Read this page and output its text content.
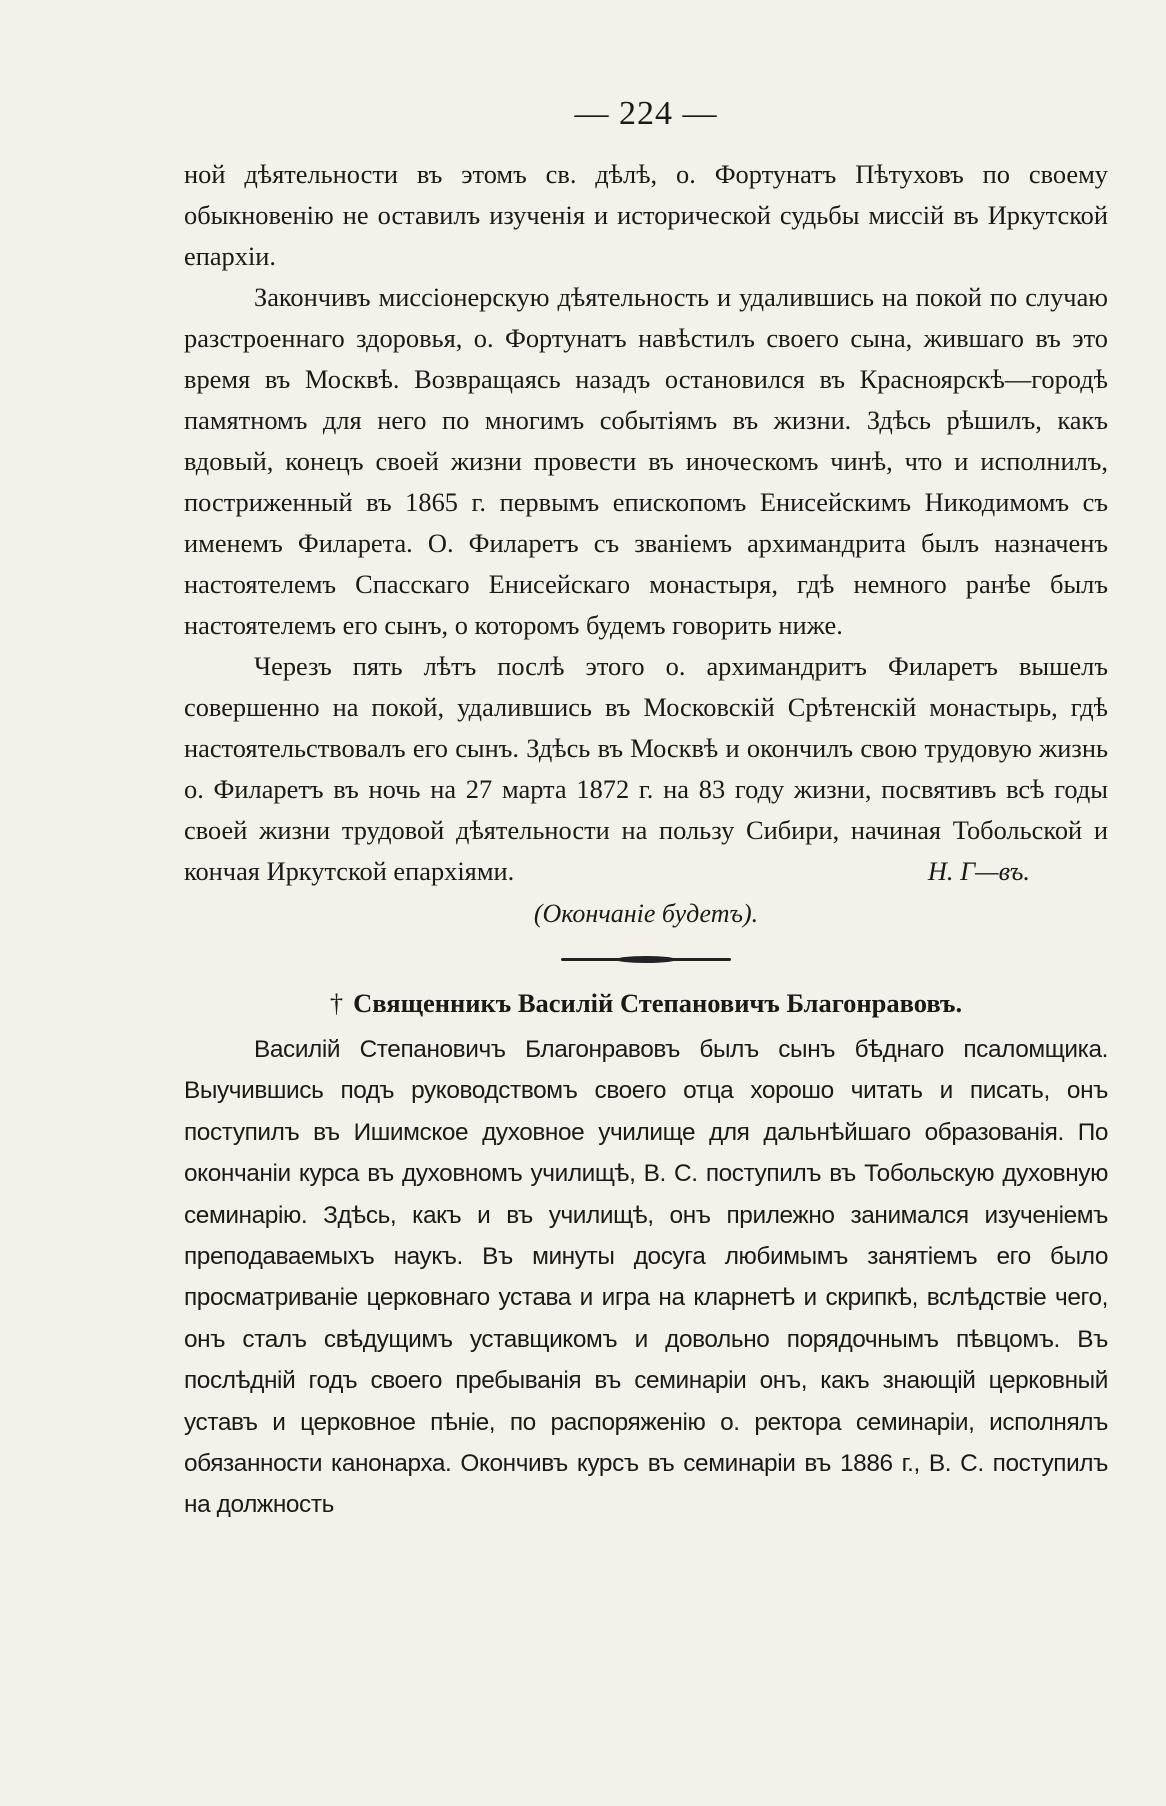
— 224 —

ной дѣятельности въ этомъ св. дѣлѣ, о. Фортунатъ Пѣтуховъ по своему обыкновенію не оставилъ изученія и исторической судьбы миссій въ Иркутской епархіи.

Закончивъ миссіонерскую дѣятельность и удалившись на покой по случаю разстроеннаго здоровья, о. Фортунатъ навѣстилъ своего сына, жившаго въ это время въ Москвѣ. Возвращаясь назадъ остановился въ Красноярскѣ—городѣ памятномъ для него по многимъ событіямъ въ жизни. Здѣсь рѣшилъ, какъ вдовый, конецъ своей жизни провести въ иноческомъ чинѣ, что и исполнилъ, постриженный въ 1865 г. первымъ епископомъ Енисейскимъ Никодимомъ съ именемъ Филарета. О. Филаретъ съ званіемъ архимандрита былъ назначенъ настоятелемъ Спасскаго Енисейскаго монастыря, гдѣ немного ранѣе былъ настоятелемъ его сынъ, о которомъ будемъ говорить ниже.

Черезъ пять лѣтъ послѣ этого о. архимандритъ Филаретъ вышелъ совершенно на покой, удалившись въ Московскій Срѣтенскій монастырь, гдѣ настоятельствовалъ его сынъ. Здѣсь въ Москвѣ и окончилъ свою трудовую жизнь о. Филаретъ въ ночь на 27 марта 1872 г. на 83 году жизни, посвятивъ всѣ годы своей жизни трудовой дѣятельности на пользу Сибири, начиная Тобольской и кончая Иркутской епархіями.	Н. Г—въ.

(Окончаніе будетъ).
† Священникъ Василій Степановичъ Благонравовъ.

Василій Степановичъ Благонравовъ былъ сынъ бѣднаго псаломщика. Выучившись подъ руководствомъ своего отца хорошо читать и писать, онъ поступилъ въ Ишимское духовное училище для дальнѣйшаго образованія. По окончаніи курса въ духовномъ училищѣ, В. С. поступилъ въ Тобольскую духовную семинарію. Здѣсь, какъ и въ училищѣ, онъ прилежно занимался изученіемъ преподаваемыхъ наукъ. Въ минуты досуга любимымъ занятіемъ его было просматриваніе церковнаго устава и игра на кларнетѣ и скрипкѣ, вслѣдствіе чего, онъ сталъ свѣдущимъ уставщикомъ и довольно порядочнымъ пѣвцомъ. Въ послѣдній годъ своего пребыванія въ семинаріи онъ, какъ знающій церковный уставъ и церковное пѣніе, по распоряженію о. ректора семинаріи, исполнялъ обязанности канонарха. Окончивъ курсъ въ семинаріи въ 1886 г., В. С. поступилъ на должность
